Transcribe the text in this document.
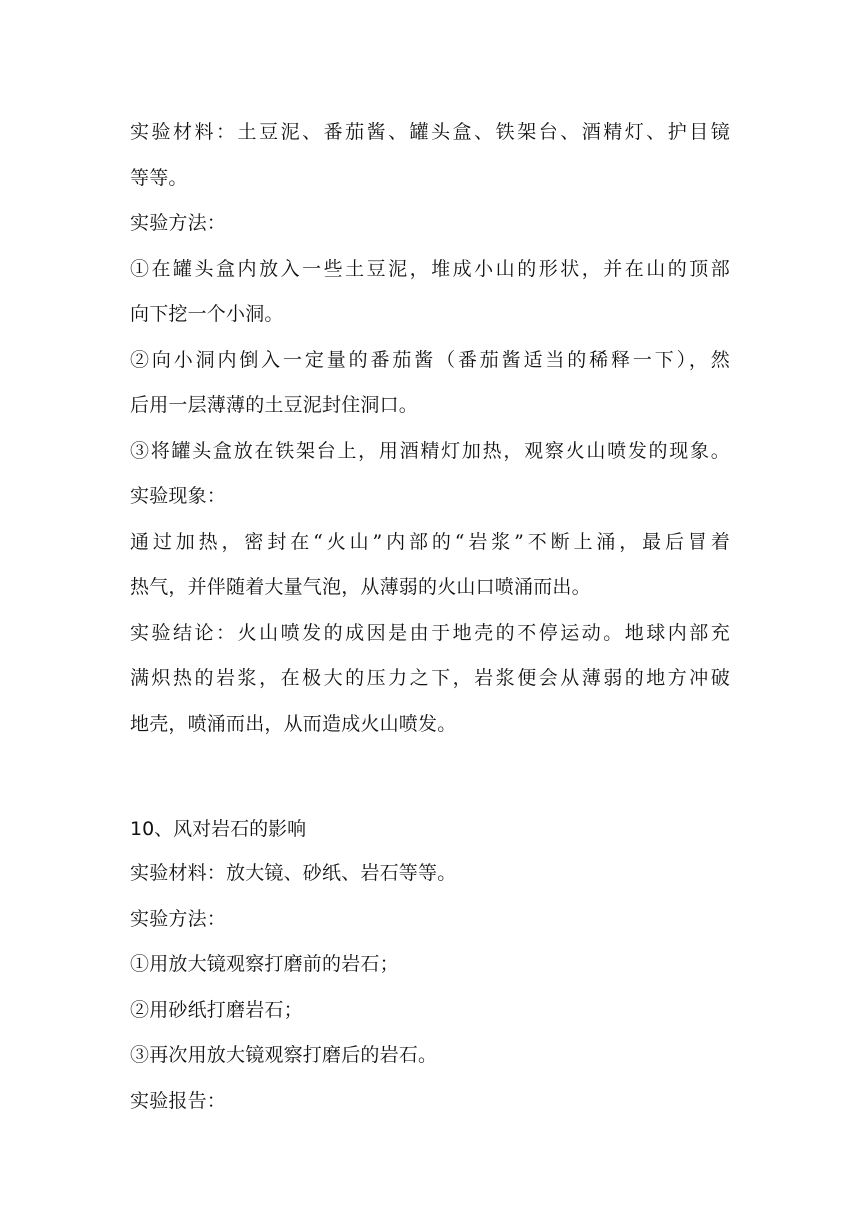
实验材料：土豆泥、番茄酱、罐头盒、铁架台、酒精灯、护目镜
等等。
实验方法：
①在罐头盒内放入一些土豆泥，堆成小山的形状，并在山的顶部
向下挖一个小洞。
②向小洞内倒入一定量的番茄酱（番茄酱适当的稀释一下），然
后用一层薄薄的土豆泥封住洞口。
③将罐头盒放在铁架台上，用酒精灯加热，观察火山喷发的现象。
实验现象：
通过加热，密封在“火山”内部的“岩浆”不断上涌，最后冒着
热气，并伴随着大量气泡，从薄弱的火山口喷涌而出。
实验结论：火山喷发的成因是由于地壳的不停运动。地球内部充
满炽热的岩浆，在极大的压力之下，岩浆便会从薄弱的地方冲破
地壳，喷涌而出，从而造成火山喷发。
10、风对岩石的影响
实验材料：放大镜、砂纸、岩石等等。
实验方法：
①用放大镜观察打磨前的岩石；
②用砂纸打磨岩石；
③再次用放大镜观察打磨后的岩石。
实验报告：
